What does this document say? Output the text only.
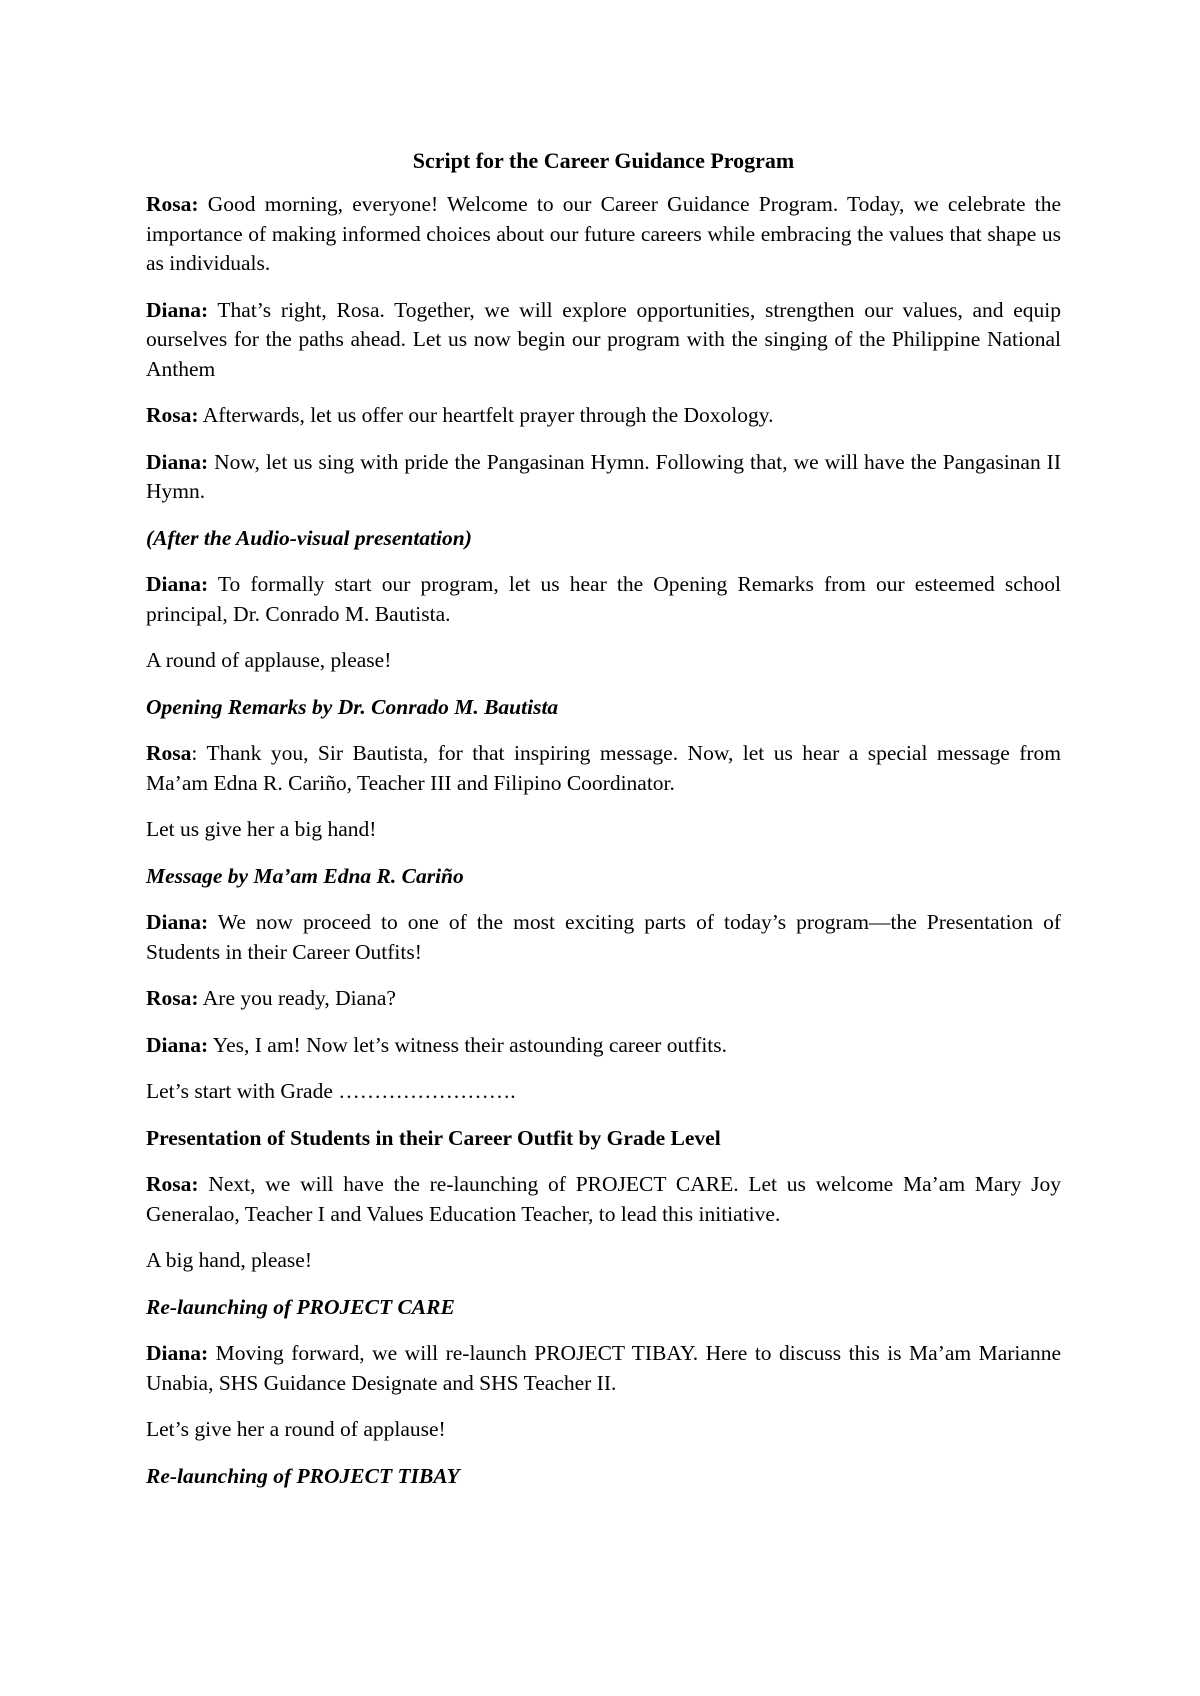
Script for the Career Guidance Program

Rosa: Good morning, everyone! Welcome to our Career Guidance Program. Today, we celebrate the importance of making informed choices about our future careers while embracing the values that shape us as individuals.

Diana: That’s right, Rosa. Together, we will explore opportunities, strengthen our values, and equip ourselves for the paths ahead. Let us now begin our program with the singing of the Philippine National Anthem

Rosa: Afterwards, let us offer our heartfelt prayer through the Doxology.

Diana: Now, let us sing with pride the Pangasinan Hymn. Following that, we will have the Pangasinan II Hymn.

(After the Audio-visual presentation)

Diana: To formally start our program, let us hear the Opening Remarks from our esteemed school principal, Dr. Conrado M. Bautista.

A round of applause, please!

Opening Remarks by Dr. Conrado M. Bautista

Rosa: Thank you, Sir Bautista, for that inspiring message. Now, let us hear a special message from Ma’am Edna R. Cariño, Teacher III and Filipino Coordinator.

Let us give her a big hand!

Message by Ma’am Edna R. Cariño

Diana: We now proceed to one of the most exciting parts of today’s program—the Presentation of Students in their Career Outfits!

Rosa: Are you ready, Diana?

Diana: Yes, I am! Now let’s witness their astounding career outfits.

Let’s start with Grade …………………….

Presentation of Students in their Career Outfit by Grade Level

Rosa: Next, we will have the re-launching of PROJECT CARE. Let us welcome Ma’am Mary Joy Generalao, Teacher I and Values Education Teacher, to lead this initiative.

A big hand, please!

Re-launching of PROJECT CARE

Diana: Moving forward, we will re-launch PROJECT TIBAY. Here to discuss this is Ma’am Marianne Unabia, SHS Guidance Designate and SHS Teacher II.

Let’s give her a round of applause!

Re-launching of PROJECT TIBAY
